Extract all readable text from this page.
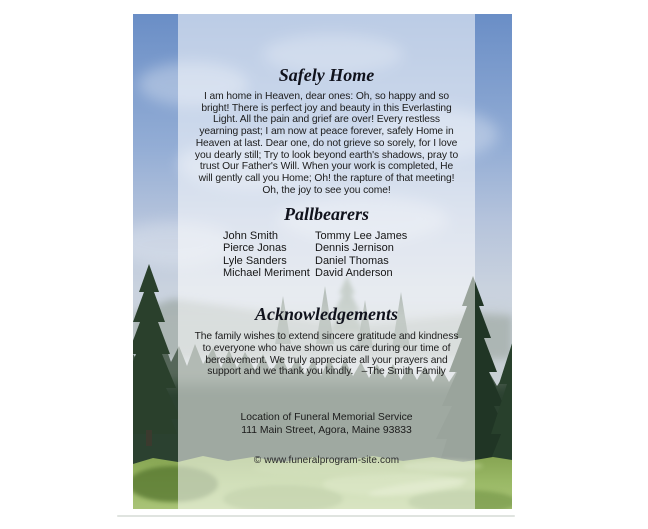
Safely Home
I am home in Heaven, dear ones: Oh, so happy and so
bright! There is perfect joy and beauty in this Everlasting
Light. All the pain and grief are over! Every restless
yearning past; I am now at peace forever, safely Home in
Heaven at last. Dear one, do not grieve so sorely, for I love
you dearly still; Try to look beyond earth's shadows, pray to
trust Our Father's Will. When your work is completed, He
will gently call you Home; Oh! the rapture of that meeting!
Oh, the joy to see you come!
Pallbearers
John Smith
Pierce Jonas
Lyle Sanders
Michael Meriment
Tommy Lee James
Dennis Jernison
Daniel Thomas
David Anderson
Acknowledgements
The family wishes to extend sincere gratitude and kindness
to everyone who have shown us care during our time of
bereavement. We truly appreciate all your prayers and
support and we thank you kindly.   –The Smith Family
Location of Funeral Memorial Service
111 Main Street, Agora, Maine 93833
© www.funeralprogram-site.com
